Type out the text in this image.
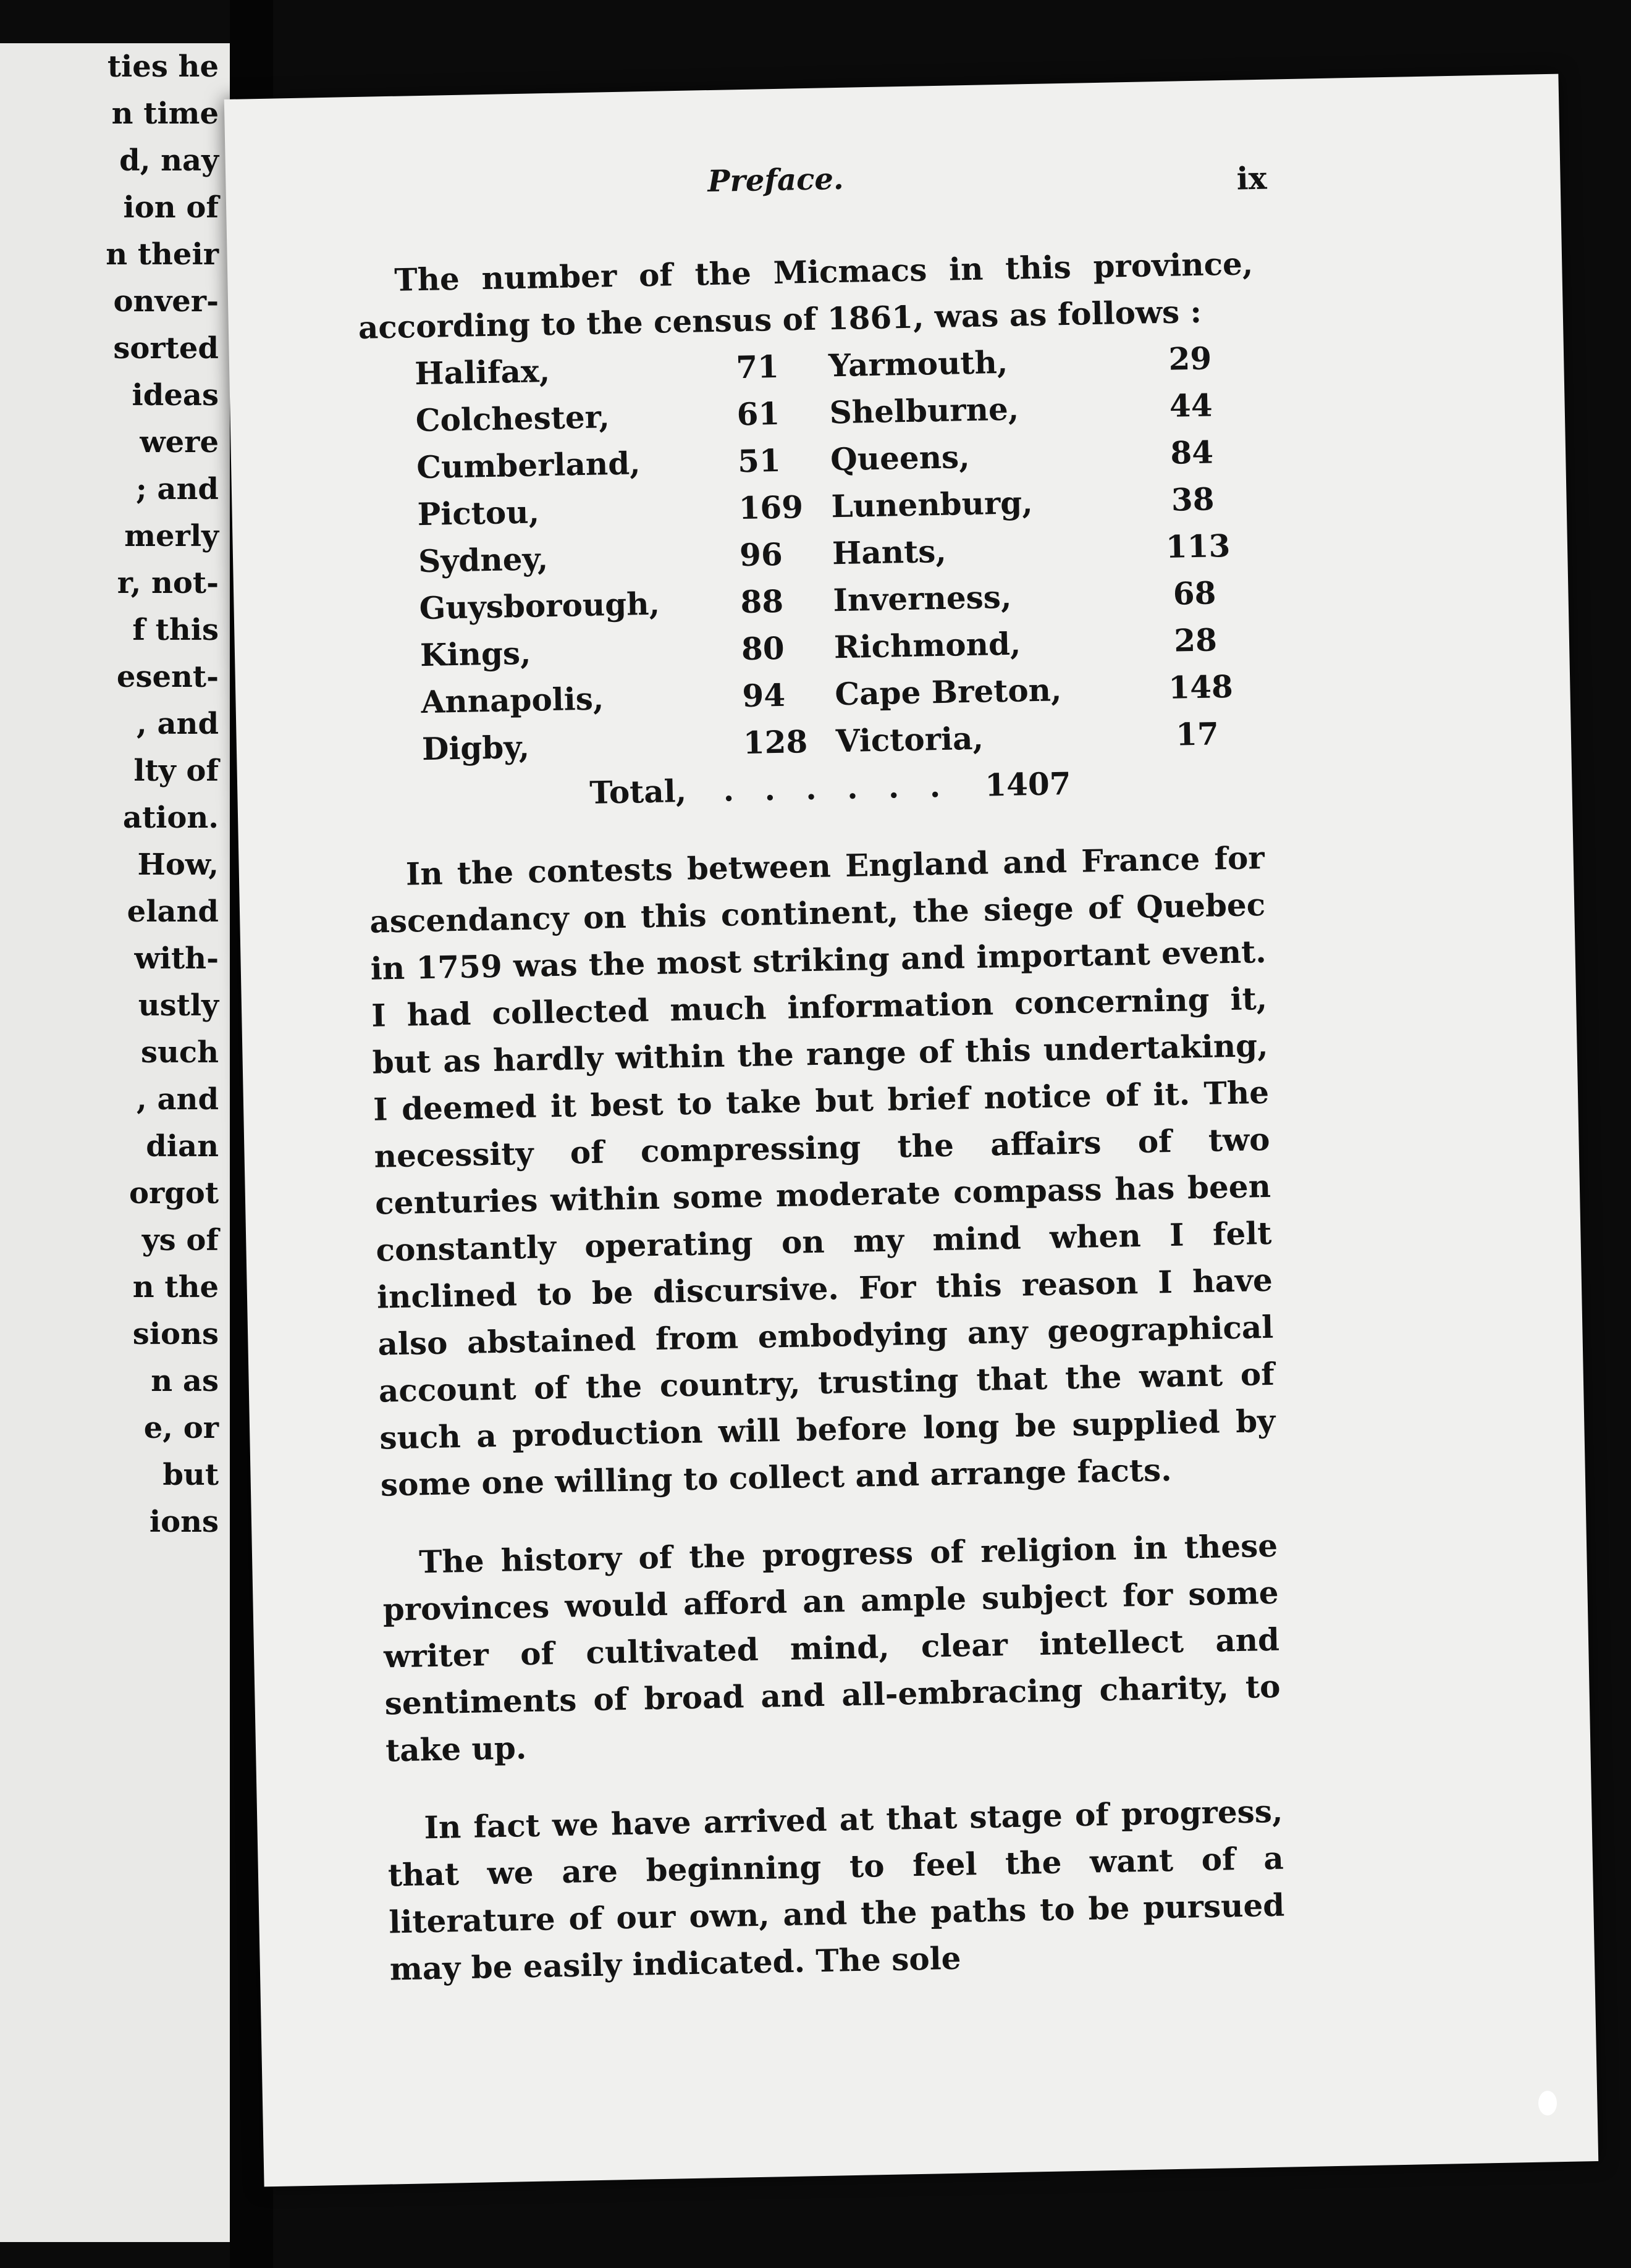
ties he
n time
d, nay
ion of
n their
onver-
sorted
ideas
were
; and
merly
r, not-
f this
esent-
, and
lty of
ation.
How,
eland
with-
ustly
such
, and
dian
orgot
ys of
n the
sions
n as
e, or
but
ions
Preface.	ix

The number of the Micmacs in this province, according to the census of 1861, was as follows :

Halifax,	71	Yarmouth,	29
Colchester,	61	Shelburne,	44
Cumberland,	51	Queens,	84
Pictou,	169 Lunenburg,	38
Sydney,	96	Hants,	113
Guysborough,	88	Inverness,	68
Kings,	80	Richmond,	28
Annapolis,	94	Cape Breton,	148
Digby,	128 Victoria,	17
Total,	. . . . . .	1407

In the contests between England and France for ascendancy on this continent, the siege of Quebec in 1759 was the most striking and important event. I had collected much information concerning it, but as hardly within the range of this undertaking, I deemed it best to take but brief notice of it. The necessity of compressing the affairs of two centuries within some moderate compass has been constantly operating on my mind when I felt inclined to be discursive. For this reason I have also abstained from embodying any geographical account of the country, trusting that the want of such a production will before long be supplied by some one willing to collect and arrange facts.

The history of the progress of religion in these provinces would afford an ample subject for some writer of cultivated mind, clear intellect and sentiments of broad and all-embracing charity, to take up.

In fact we have arrived at that stage of progress, that we are beginning to feel the want of a literature of our own, and the paths to be pursued may be easily indicated. The sole
